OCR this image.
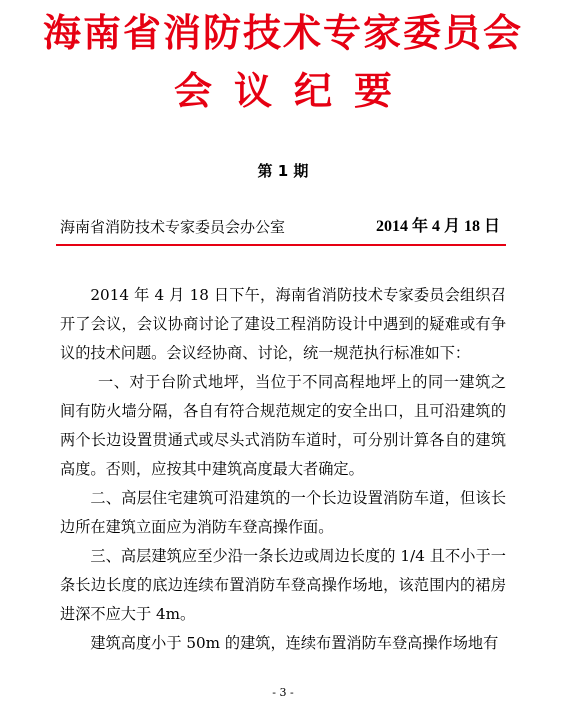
海南省消防技术专家委员会
会议纪要
第 1 期
海南省消防技术专家委员会办公室	2014 年 4 月 18 日

2014 年 4 月 18 日下午，海南省消防技术专家委员会组织召开了会议，会议协商讨论了建设工程消防设计中遇到的疑难或有争议的技术问题。会议经协商、讨论，统一规范执行标准如下：

一、对于台阶式地坪，当位于不同高程地坪上的同一建筑之间有防火墙分隔，各自有符合规范规定的安全出口，且可沿建筑的两个长边设置贯通式或尽头式消防车道时，可分别计算各自的建筑高度。否则，应按其中建筑高度最大者确定。

二、高层住宅建筑可沿建筑的一个长边设置消防车道，但该长边所在建筑立面应为消防车登高操作面。

三、高层建筑应至少沿一条长边或周边长度的 1/4 且不小于一条长边长度的底边连续布置消防车登高操作场地，该范围内的裙房进深不应大于 4m。

建筑高度小于 50m 的建筑，连续布置消防车登高操作场地有

- 3 -
